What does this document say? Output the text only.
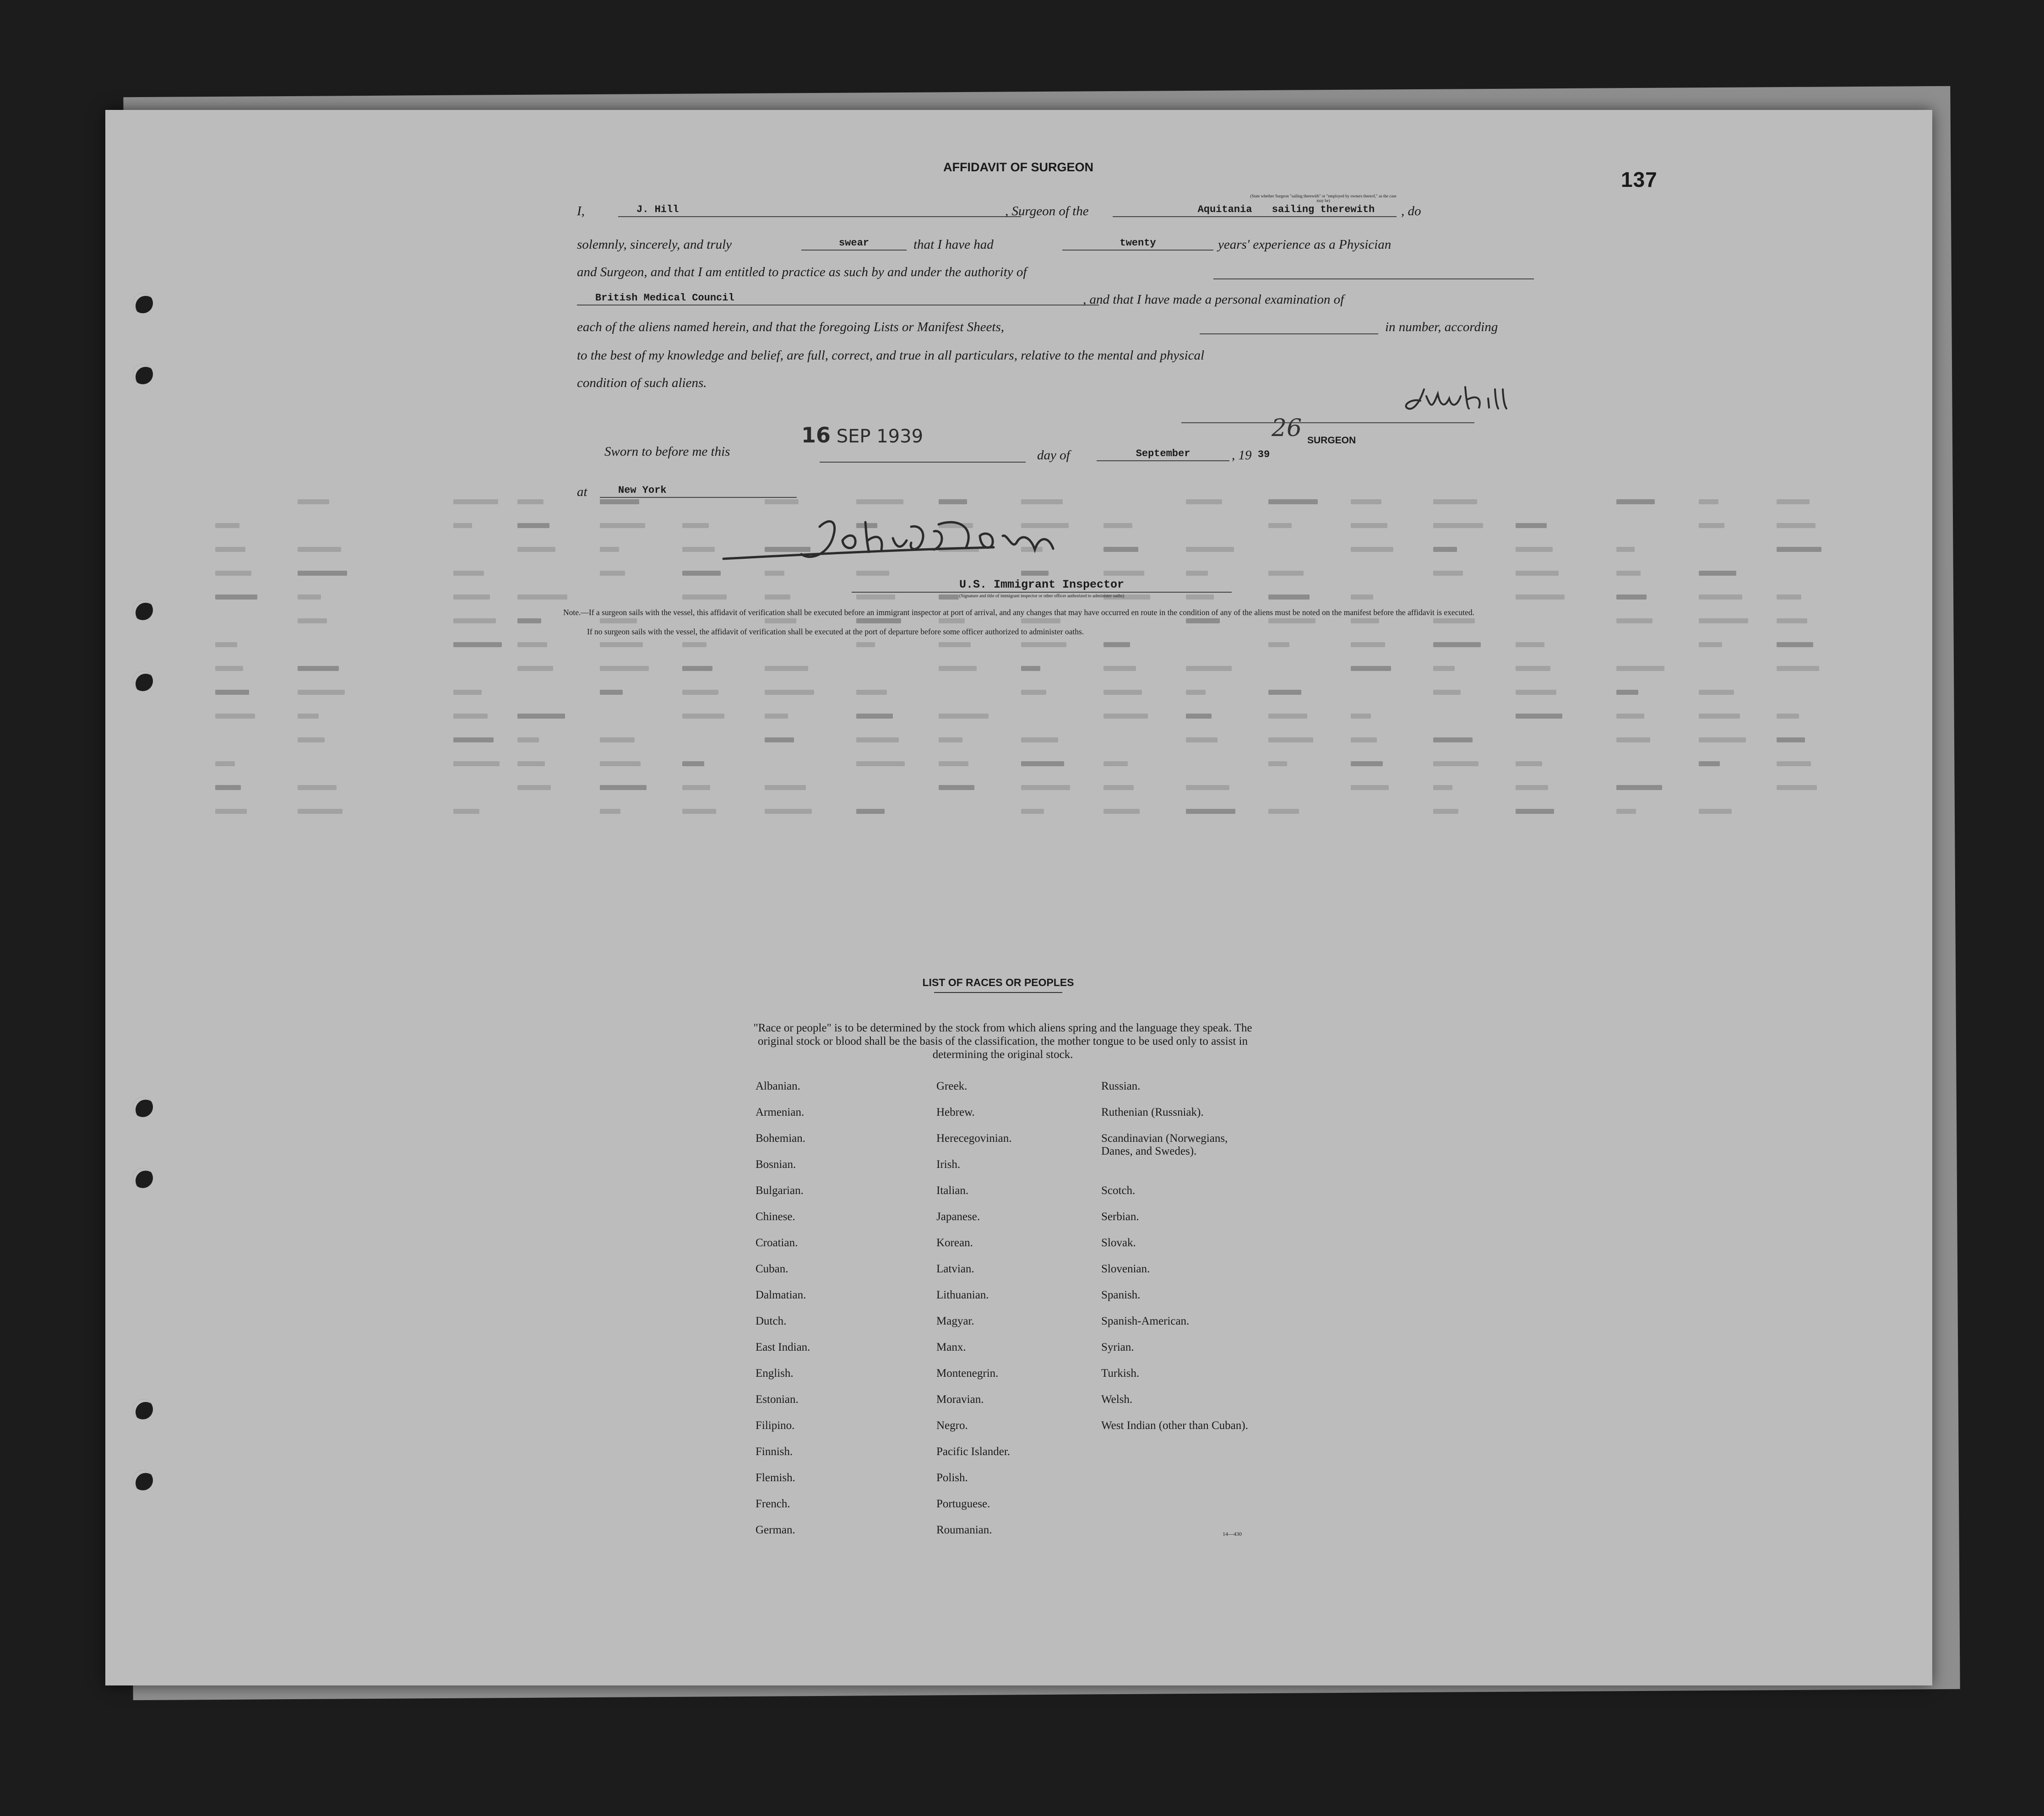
137
AFFIDAVIT OF SURGEON
I,	J. Hill	, Surgeon of the	Aquitania	sailing therewith
(State whether Surgeon "sailing therewith" or "employed by owners thereof," as the case may be)
, do
solemnly, sincerely, and truly	swear	that I have had	twenty	years' experience as a Physician
and Surgeon, and that I am entitled to practice as such by and under the authority of
British Medical Council	, and that I have made a personal examination of
each of the aliens named herein, and that the foregoing Lists or Manifest Sheets,
26
in number, according
to the best of my knowledge and belief, are full, correct, and true in all particulars, relative to the mental and physical
condition of such aliens.
SURGEON
Sworn to before me this
16 SEP 1939
day of	September	, 19 39
at	New York
U.S. Immigrant Inspector
(Signature and title of immigrant inspector or other officer authorized to administer oaths)
Note.—If a surgeon sails with the vessel, this affidavit of verification shall be executed before an immigrant inspector at port of arrival, and any changes that may have occurred en route in the condition of any of the aliens must be noted on the manifest before the affidavit is executed.
If no surgeon sails with the vessel, the affidavit of verification shall be executed at the port of departure before some officer authorized to administer oaths.
LIST OF RACES OR PEOPLES
"Race or people" is to be determined by the stock from which aliens spring and the language they speak. The original stock or blood shall be the basis of the classification, the mother tongue to be used only to assist in determining the original stock.
14—430
Albanian.
Armenian.
Bohemian.
Bosnian.
Bulgarian.
Chinese.
Croatian.
Cuban.
Dalmatian.
Dutch.
East Indian.
English.
Estonian.
Filipino.
Finnish.
Flemish.
French.
German.
Greek.
Hebrew.
Herecegovinian.
Irish.
Italian.
Japanese.
Korean.
Latvian.
Lithuanian.
Magyar.
Manx.
Montenegrin.
Moravian.
Negro.
Pacific Islander.
Polish.
Portuguese.
Roumanian.
Russian.
Ruthenian (Russniak).
Scandinavian (Norwegians, Danes, and Swedes).
Scotch.
Serbian.
Slovak.
Slovenian.
Spanish.
Spanish-American.
Syrian.
Turkish.
Welsh.
West Indian (other than Cuban).
